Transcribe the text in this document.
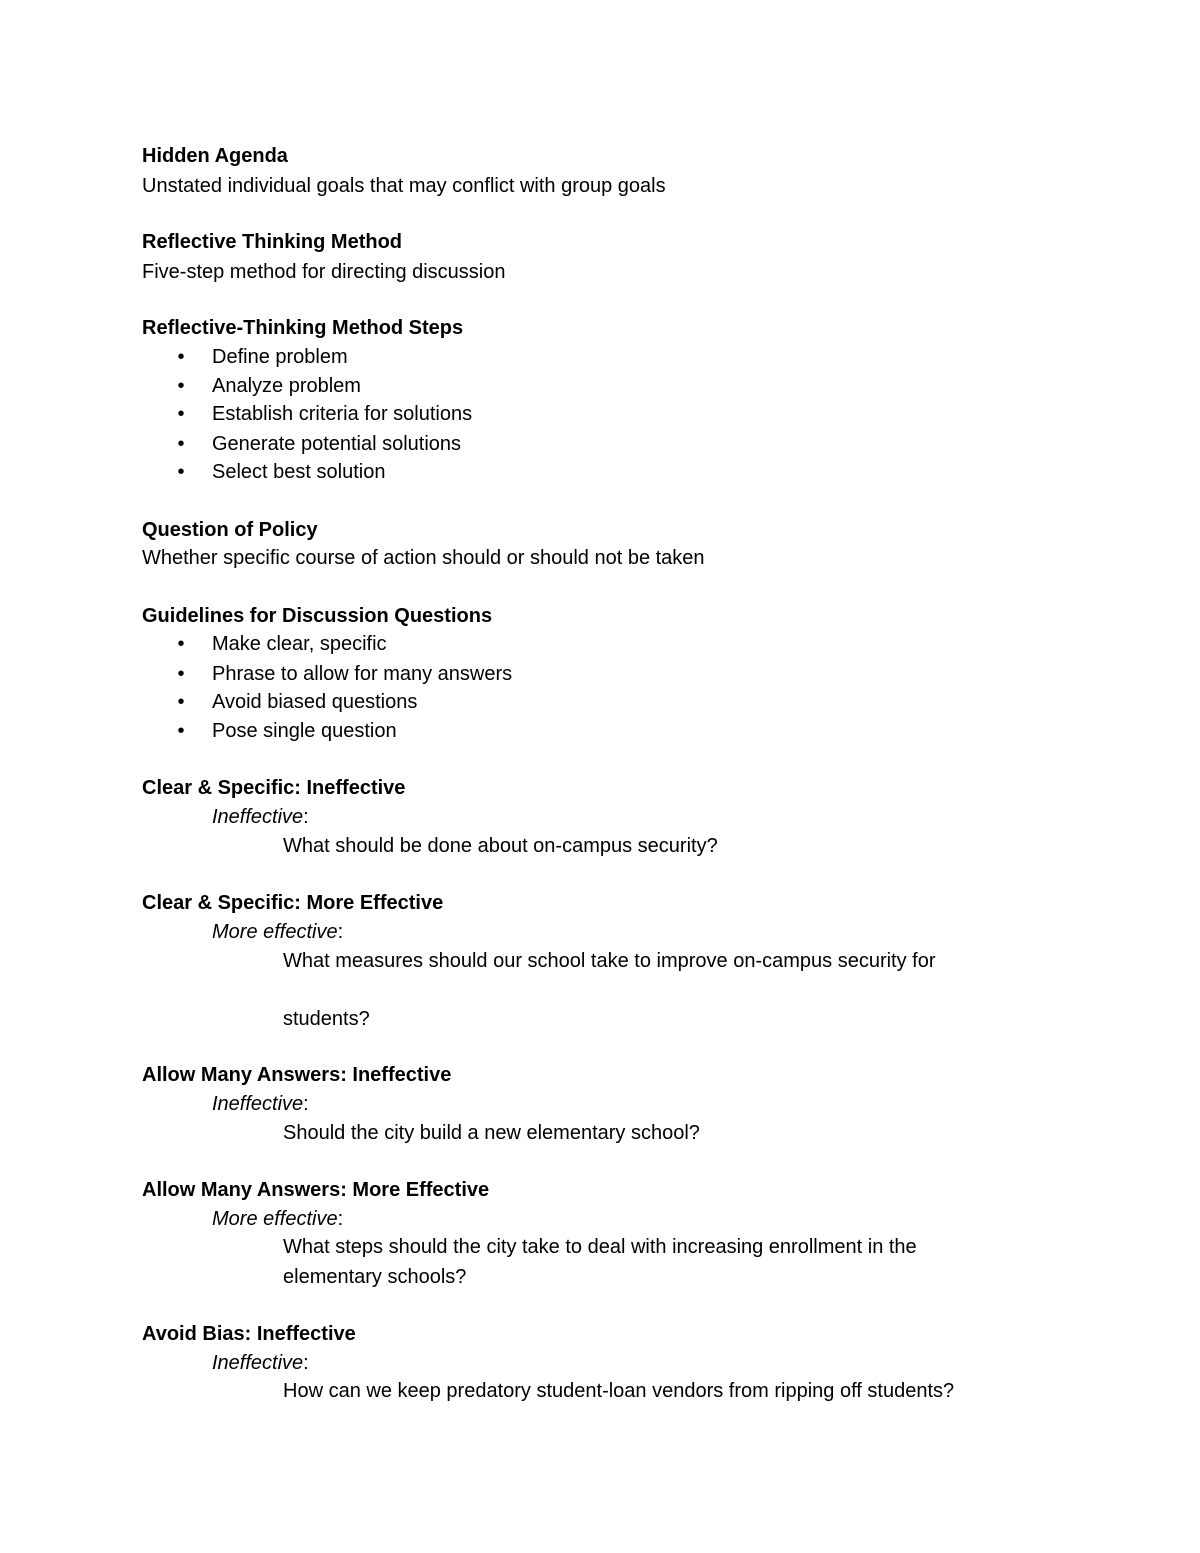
Hidden Agenda
Unstated individual goals that may conflict with group goals
Reflective Thinking Method
Five-step method for directing discussion
Reflective-Thinking Method Steps
• Define problem
• Analyze problem
• Establish criteria for solutions
• Generate potential solutions
• Select best solution
Question of Policy
Whether specific course of action should or should not be taken
Guidelines for Discussion Questions
• Make clear, specific
• Phrase to allow for many answers
• Avoid biased questions
• Pose single question
Clear & Specific: Ineffective
Ineffective:
What should be done about on-campus security?
Clear & Specific: More Effective
More effective:
What measures should our school take to improve on-campus security for
students?
Allow Many Answers: Ineffective
Ineffective:
Should the city build a new elementary school?
Allow Many Answers: More Effective
More effective:
What steps should the city take to deal with increasing enrollment in the
elementary schools?
Avoid Bias: Ineffective
Ineffective:
How can we keep predatory student-loan vendors from ripping off students?
